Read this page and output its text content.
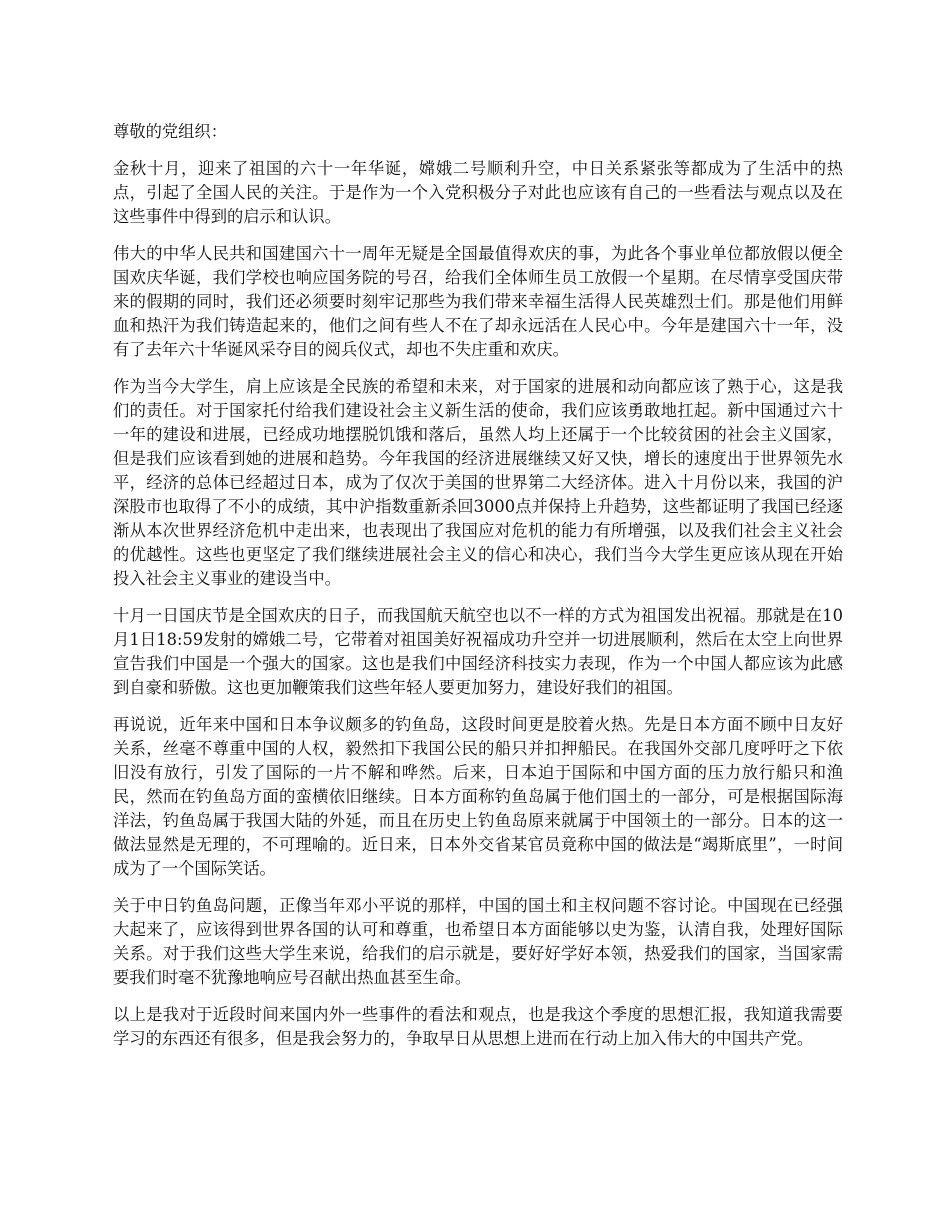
尊敬的党组织：

金秋十月，迎来了祖国的六十一年华诞，嫦娥二号顺利升空，中日关系紧张等都成为了生活中的热点，引起了全国人民的关注。于是作为一个入党积极分子对此也应该有自己的一些看法与观点以及在这些事件中得到的启示和认识。

伟大的中华人民共和国建国六十一周年无疑是全国最值得欢庆的事，为此各个事业单位都放假以便全国欢庆华诞，我们学校也响应国务院的号召，给我们全体师生员工放假一个星期。在尽情享受国庆带来的假期的同时，我们还必须要时刻牢记那些为我们带来幸福生活得人民英雄烈士们。那是他们用鲜血和热汗为我们铸造起来的，他们之间有些人不在了却永远活在人民心中。今年是建国六十一年，没有了去年六十华诞风采夺目的阅兵仪式，却也不失庄重和欢庆。

作为当今大学生，肩上应该是全民族的希望和未来，对于国家的进展和动向都应该了熟于心，这是我们的责任。对于国家托付给我们建设社会主义新生活的使命，我们应该勇敢地扛起。新中国通过六十一年的建设和进展，已经成功地摆脱饥饿和落后，虽然人均上还属于一个比较贫困的社会主义国家，但是我们应该看到她的进展和趋势。今年我国的经济进展继续又好又快，增长的速度出于世界领先水平，经济的总体已经超过日本，成为了仅次于美国的世界第二大经济体。进入十月份以来，我国的沪深股市也取得了不小的成绩，其中沪指数重新杀回3000点并保持上升趋势，这些都证明了我国已经逐渐从本次世界经济危机中走出来，也表现出了我国应对危机的能力有所增强，以及我们社会主义社会的优越性。这些也更坚定了我们继续进展社会主义的信心和决心，我们当今大学生更应该从现在开始投入社会主义事业的建设当中。

十月一日国庆节是全国欢庆的日子，而我国航天航空也以不一样的方式为祖国发出祝福。那就是在10月1日18:59发射的嫦娥二号，它带着对祖国美好祝福成功升空并一切进展顺利，然后在太空上向世界宣告我们中国是一个强大的国家。这也是我们中国经济科技实力表现，作为一个中国人都应该为此感到自豪和骄傲。这也更加鞭策我们这些年轻人要更加努力，建设好我们的祖国。

再说说，近年来中国和日本争议颇多的钓鱼岛，这段时间更是胶着火热。先是日本方面不顾中日友好关系，丝毫不尊重中国的人权，毅然扣下我国公民的船只并扣押船民。在我国外交部几度呼吁之下依旧没有放行，引发了国际的一片不解和哗然。后来，日本迫于国际和中国方面的压力放行船只和渔民，然而在钓鱼岛方面的蛮横依旧继续。日本方面称钓鱼岛属于他们国土的一部分，可是根据国际海洋法，钓鱼岛属于我国大陆的外延，而且在历史上钓鱼岛原来就属于中国领土的一部分。日本的这一做法显然是无理的，不可理喻的。近日来，日本外交省某官员竟称中国的做法是“竭斯底里”，一时间成为了一个国际笑话。

关于中日钓鱼岛问题，正像当年邓小平说的那样，中国的国土和主权问题不容讨论。中国现在已经强大起来了，应该得到世界各国的认可和尊重，也希望日本方面能够以史为鉴，认清自我，处理好国际关系。对于我们这些大学生来说，给我们的启示就是，要好好学好本领，热爱我们的国家，当国家需要我们时毫不犹豫地响应号召献出热血甚至生命。

以上是我对于近段时间来国内外一些事件的看法和观点，也是我这个季度的思想汇报，我知道我需要学习的东西还有很多，但是我会努力的，争取早日从思想上进而在行动上加入伟大的中国共产党。
